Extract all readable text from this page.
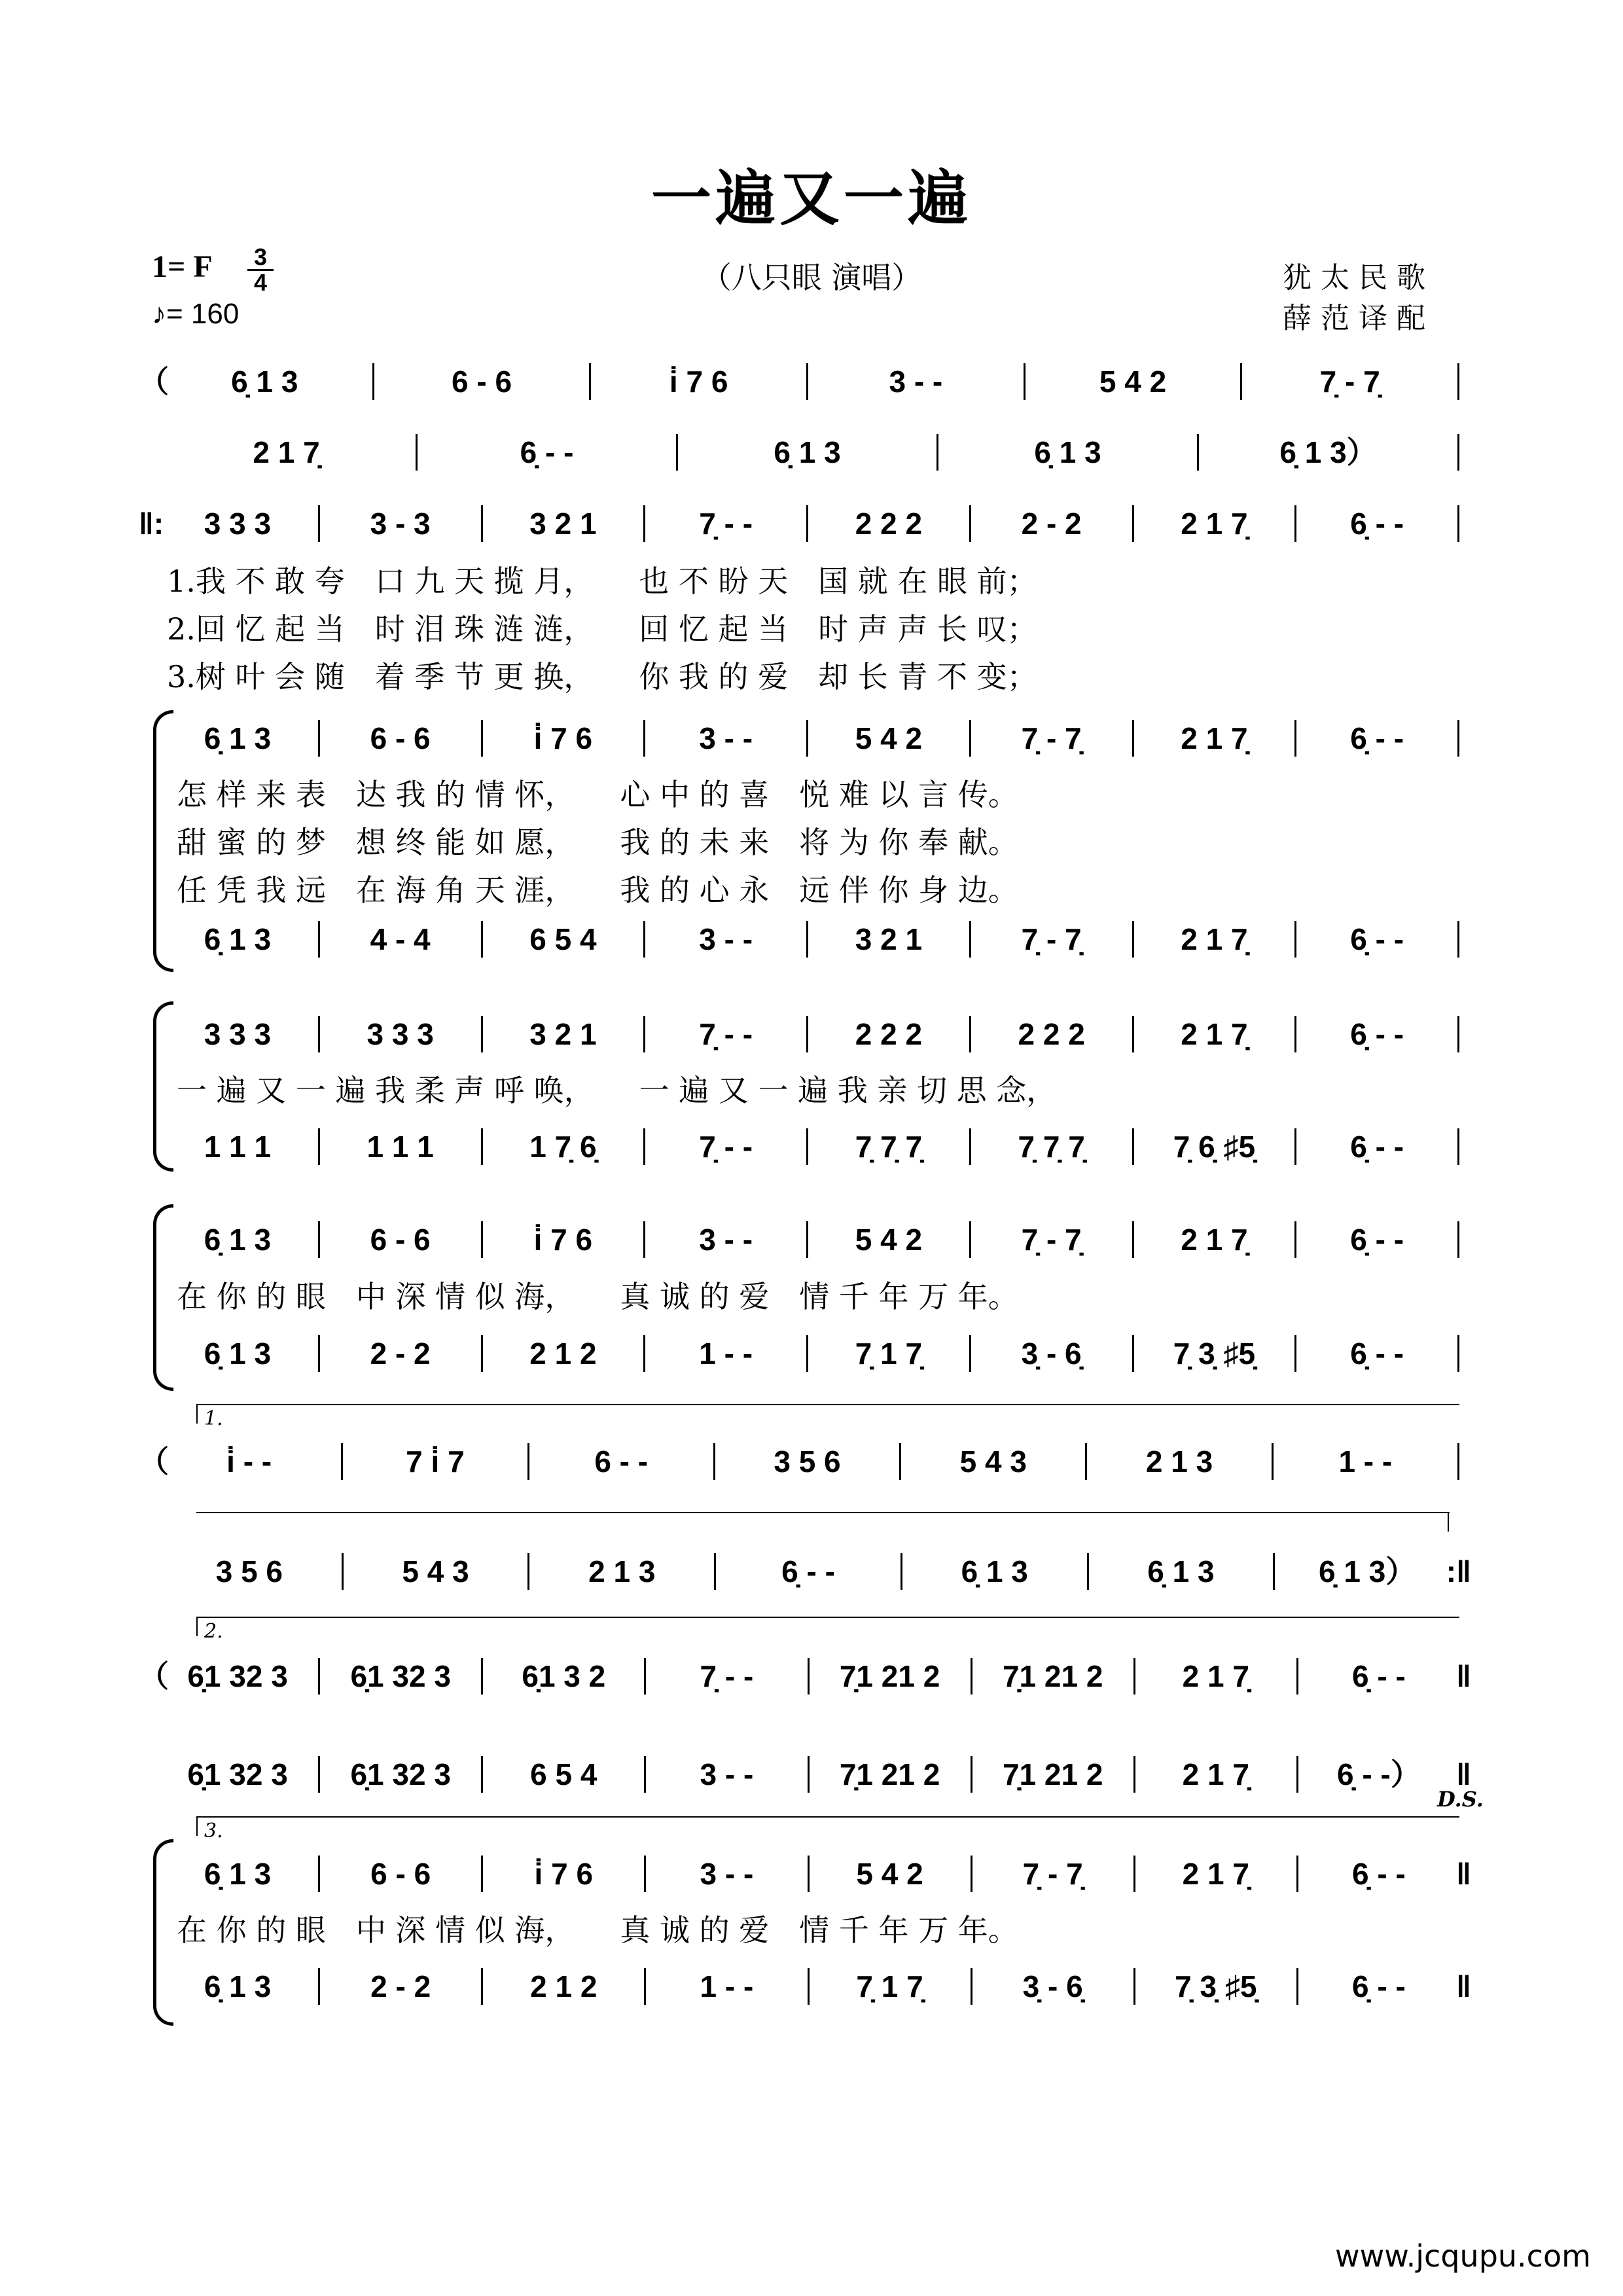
一遍又一遍
1= F 3
4
♪= 160
（八只眼 演唱）	犹太民歌
薛范译配
1.
2.
3.
（	6̣ 1 3	6 - 6	i̇ 7 6	3 - -	5 4 2	7̣ - 7̣
2 1 7̣	6̣ - -	6̣ 1 3	6̣ 1 3	6̣ 1 3）
‖:	3 3 3	3 - 3	3 2 1	7̣ - -	2 2 2	2 - 2	2 1 7̣	6̣ - -
1.我 不 敢 夸　口 九 天 揽 月，　　也 不 盼 天　国 就 在 眼 前；
2.回 忆 起 当　时 泪 珠 涟 涟，　　回 忆 起 当　时 声 声 长 叹；
3.树 叶 会 随　着 季 节 更 换，　　你 我 的 爱　却 长 青 不 变；
6̣ 1 3	6 - 6	i̇ 7 6	3 - -	5 4 2	7̣ - 7̣	2 1 7̣	6̣ - -
怎 样 来 表　达 我 的 情 怀，　　心 中 的 喜　悦 难 以 言 传。
甜 蜜 的 梦　想 终 能 如 愿，　　我 的 未 来　将 为 你 奉 献。
任 凭 我 远　在 海 角 天 涯，　　我 的 心 永　远 伴 你 身 边。
6̣ 1 3	4 - 4	6 5 4	3 - -	3 2 1	7̣ - 7̣	2 1 7̣	6̣ - -
3 3 3	3 3 3	3 2 1	7̣ - -	2 2 2	2 2 2	2 1 7̣	6̣ - -
一 遍 又 一 遍 我 柔 声 呼 唤，　　一 遍 又 一 遍 我 亲 切 思 念，
1 1 1	1 1 1	1 7̣ 6̣	7̣ - -	7̣ 7̣ 7̣	7̣ 7̣ 7̣	7̣ 6̣ ♯5̣	6̣ - -
6̣ 1 3	6 - 6	i̇ 7 6	3 - -	5 4 2	7̣ - 7̣	2 1 7̣	6̣ - -
在 你 的 眼　中 深 情 似 海，　　真 诚 的 爱　情 千 年 万 年。
6̣ 1 3	2 - 2	2 1 2	1 - -	7̣ 1 7̣	3̣ - 6̣	7̣ 3̣ ♯5̣	6̣ - -
（	i̇ - -	7 i̇ 7	6 - -	3 5 6	5 4 3	2 1 3	1 - -
3 5 6	5 4 3	2 1 3	6̣ - -	6̣ 1 3	6̣ 1 3	6̣ 1 3）	:‖
（ 6̣1 32 3	6̣1 32 3	6̣1 3 2	7̣ - -	7̣1 21 2	7̣1 21 2	2 1 7̣	6̣ - -	‖
6̣1 32 3	6̣1 32 3	6 5 4	3 - -	7̣1 21 2	7̣1 21 2	2 1 7̣	6̣ - -）	‖
D.S.
6̣ 1 3	6 - 6	i̇ 7 6	3 - -	5 4 2	7̣ - 7̣	2 1 7̣	6̣ - -	‖
在 你 的 眼　中 深 情 似 海，　　真 诚 的 爱　情 千 年 万 年。
6̣ 1 3	2 - 2	2 1 2	1 - -	7̣ 1 7̣	3̣ - 6̣	7̣ 3̣ ♯5̣	6̣ - -	‖
www.jcqupu.com
